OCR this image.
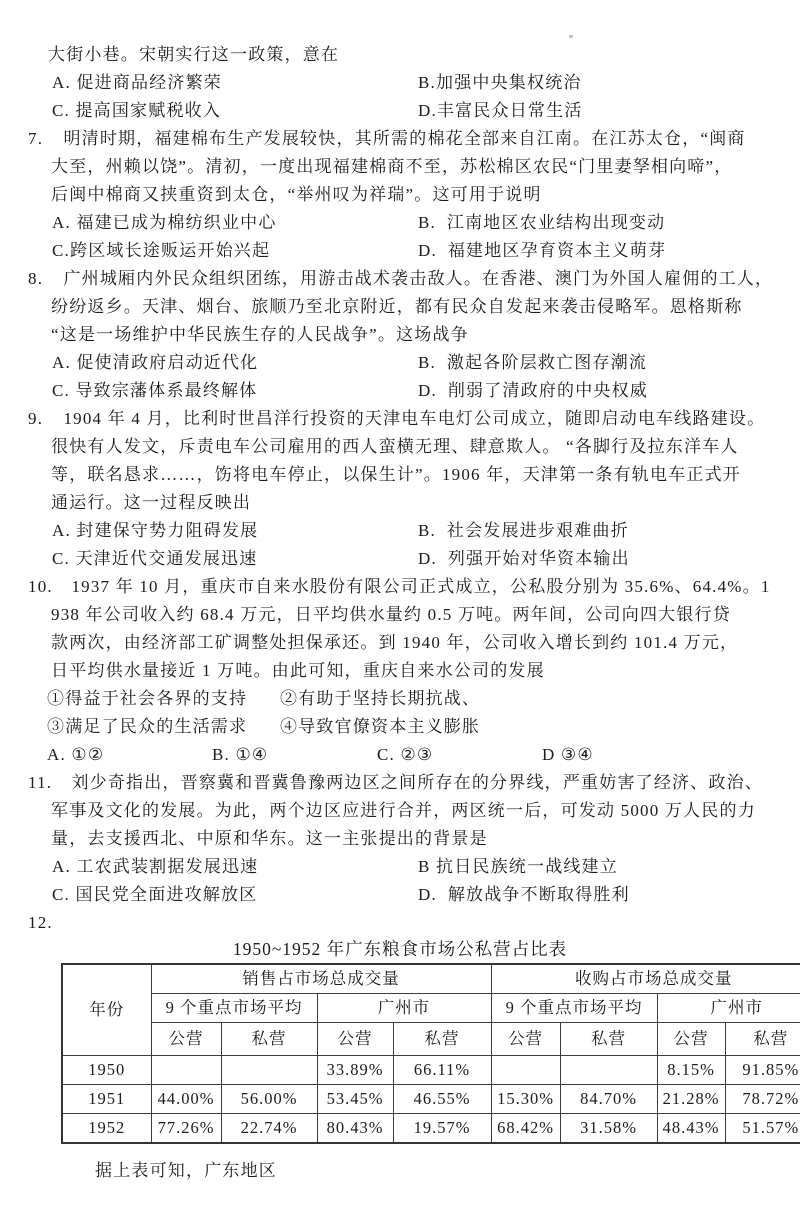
大街小巷。宋朝实行这一政策，意在
A. 促进商品经济繁荣	B.加强中央集权统治
C. 提高国家赋税收入	D.丰富民众日常生活
7. 明清时期，福建棉布生产发展较快，其所需的棉花全部来自江南。在江苏太仓，“闽商
大至，州赖以饶”。清初，一度出现福建棉商不至，苏松棉区农民“门里妻孥相向啼”，
后闽中棉商又挟重资到太仓，“举州叹为祥瑞”。这可用于说明
A. 福建已成为棉纺织业中心	B.  江南地区农业结构出现变动
C.跨区域长途贩运开始兴起	D.  福建地区孕育资本主义萌芽
8. 广州城厢内外民众组织团练，用游击战术袭击敌人。在香港、澳门为外国人雇佣的工人，
纷纷返乡。天津、烟台、旅顺乃至北京附近，都有民众自发起来袭击侵略军。恩格斯称
“这是一场维护中华民族生存的人民战争”。这场战争
A. 促使清政府启动近代化	B.  激起各阶层救亡图存潮流
C. 导致宗藩体系最终解体	D.  削弱了清政府的中央权威
9. 1904 年 4 月，比利时世昌洋行投资的天津电车电灯公司成立，随即启动电车线路建设。
很快有人发文，斥责电车公司雇用的西人蛮横无理、肆意欺人。 “各脚行及拉东洋车人
等，联名恳求……，饬将电车停止，以保生计”。1906 年，天津第一条有轨电车正式开
通运行。这一过程反映出
A. 封建保守势力阻碍发展	B.  社会发展进步艰难曲折
C. 天津近代交通发展迅速	D.  列强开始对华资本输出
10. 1937 年 10 月，重庆市自来水股份有限公司正式成立，公私股分别为 35.6%、64.4%。1
938 年公司收入约 68.4 万元，日平均供水量约 0.5 万吨。两年间，公司向四大银行贷
款两次，由经济部工矿调整处担保承还。到 1940 年，公司收入增长到约 101.4 万元，
日平均供水量接近 1 万吨。由此可知，重庆自来水公司的发展
①得益于社会各界的支持	②有助于坚持长期抗战、
③满足了民众的生活需求	④导致官僚资本主义膨胀
A. ①②	B. ①④	C. ②③	D ③④
11. 刘少奇指出，晋察冀和晋冀鲁豫两边区之间所存在的分界线，严重妨害了经济、政治、
军事及文化的发展。为此，两个边区应进行合并，两区统一后，可发动 5000 万人民的力
量，去支援西北、中原和华东。这一主张提出的背景是
A. 工农武装割据发展迅速	B 抗日民族统一战线建立
C. 国民党全面进攻解放区	D.  解放战争不断取得胜利
12.
1950~1952 年广东粮食市场公私营占比表
年份	销售占市场总成交量				收购占市场总成交量			
	9 个重点市场平均		广州市		9 个重点市场平均		广州市	
	公营	私营	公营	私营	公营	私营	公营	私营
1950			33.89%	66.11%			8.15%	91.85%
1951	44.00%	56.00%	53.45%	46.55%	15.30%	84.70%	21.28%	78.72%
1952	77.26%	22.74%	80.43%	19.57%	68.42%	31.58%	48.43%	51.57%
据上表可知，广东地区
